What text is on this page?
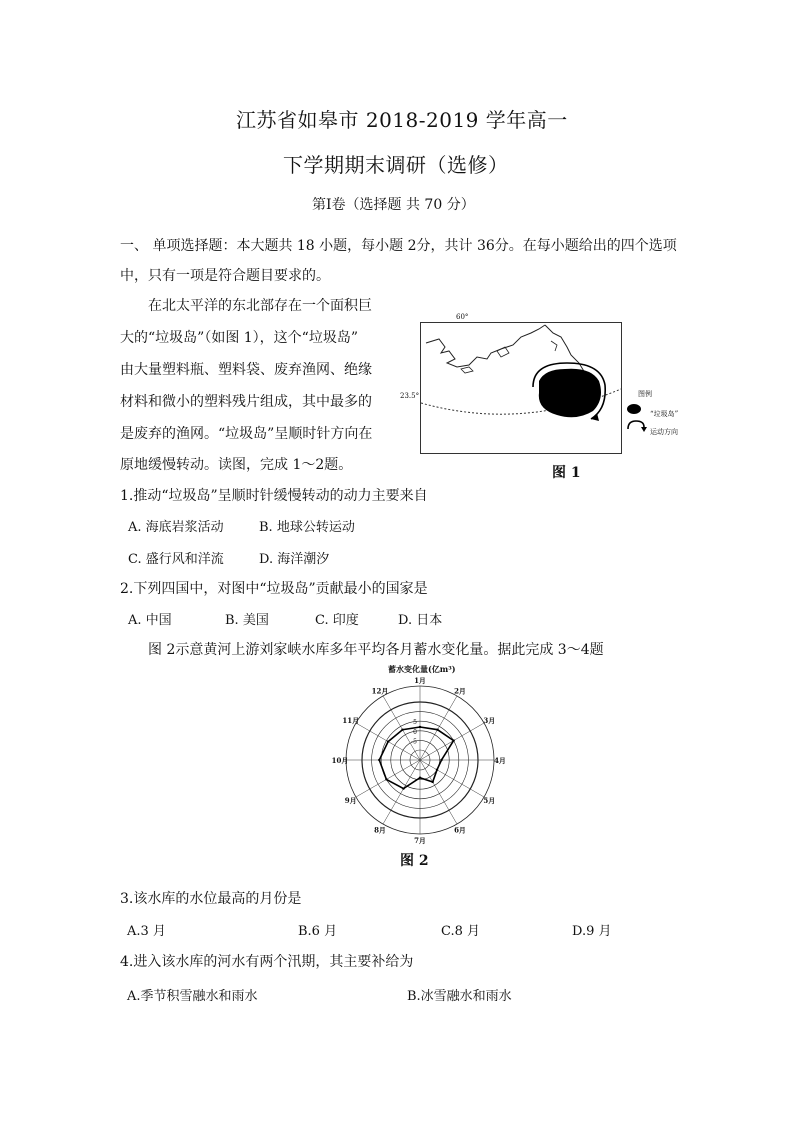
江苏省如皋市 2018-2019 学年高一
下学期期末调研（选修）
第Ⅰ卷（选择题 共 70 分）
一、 单项选择题：本大题共 18 小题，每小题 2分，共计 36分。在每小题给出的四个选项
中，只有一项是符合题目要求的。
在北太平洋的东北部存在一个面积巨
大的“垃圾岛”（如图 1），这个“垃圾岛”
由大量塑料瓶、塑料袋、废弃渔网、绝缘
材料和微小的塑料残片组成，其中最多的
是废弃的渔网。“垃圾岛”呈顺时针方向在
原地缓慢转动。读图，完成 1～2题。
60°
23.5°	图例
“垃圾岛”
运动方向
图 1
1.推动“垃圾岛”呈顺时针缓慢转动的动力主要来自
A. 海底岩浆活动	B. 地球公转运动
C. 盛行风和洋流	D. 海洋潮汐
2.下列四国中，对图中“垃圾岛”贡献最小的国家是
A. 中国	B. 美国	C. 印度	D. 日本
图 2示意黄河上游刘家峡水库多年平均各月蓄水变化量。据此完成 3～4题
蓄水变化量(亿m³)
1月
2月
3月
4月
5月
6月
7月
8月
9月
10月
11月
12月
5
0
-5
图 2
3.该水库的水位最高的月份是
A.3 月	B.6 月	C.8 月	D.9 月
4.进入该水库的河水有两个汛期，其主要补给为
A.季节积雪融水和雨水	B.冰雪融水和雨水
